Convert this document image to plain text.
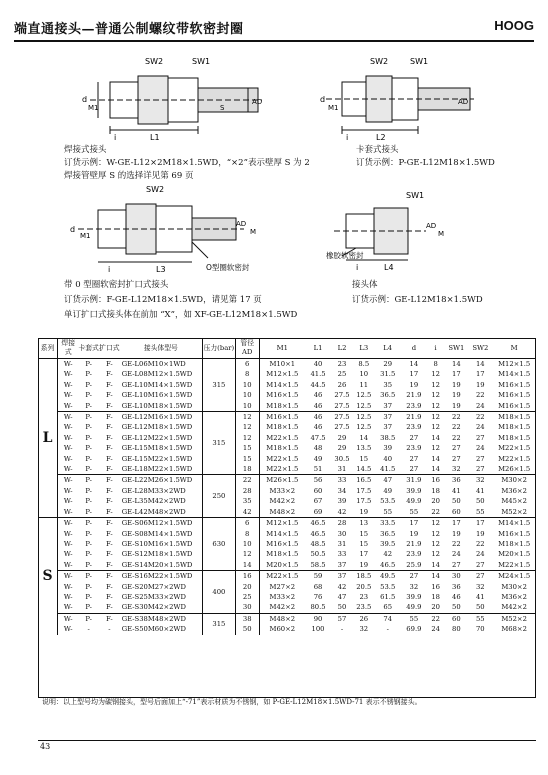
端直通接头—普通公制螺纹带软密封圈	HOOG
SW2	SW1
d
M1	S
AD
L1
i
焊接式接头
订货示例：W-GE-L12×2M18×1.5WD，“×2”表示壁厚 S 为 2
焊接管壁厚 S 的选择详见第 69 页
SW2	SW1
d
M1
AD
L2
i
卡套式接头
订货示例：P-GE-L12M18×1.5WD
SW2
d
M1
AD
M
L3
i	O型圈软密封
带 0 型圈软密封扩口式接头
订货示例：F-GE-L12M18×1.5WD，请见第 17 页
单订扩口式接头体在前加 “X”，如 XF-GE-L12M18×1.5WD
SW1
AD
M
L4
i
橡胶软密封
接头体
订货示例：GE-L12M18×1.5WD
系列	焊接式	卡套式	扩口式	接头体型号	压力(bar)	管径AD	M1	L1	L2	L3	L4	d	i	SW1	SW2	M
L	W-	P-	F-	GE-L06M10×1WD	315	6	M10×1	40	23	8.5	29	14	8	14	14	M12×1.5
	W-	P-	F-	GE-L08M12×1.5WD		8	M12×1.5	41.5	25	10	31.5	17	12	17	17	M14×1.5
	W-	P-	F-	GE-L10M14×1.5WD		10	M14×1.5	44.5	26	11	35	19	12	19	19	M16×1.5
	W-	P-	F-	GE-L10M16×1.5WD		10	M16×1.5	46	27.5	12.5	36.5	21.9	12	19	22	M16×1.5
	W-	P-	F-	GE-L10M18×1.5WD		10	M18×1.5	46	27.5	12.5	37	23.9	12	19	24	M16×1.5
	W-	P-	F-	GE-L12M16×1.5WD	315	12	M16×1.5	46	27.5	12.5	37	21.9	12	22	22	M18×1.5
	W-	P-	F-	GE-L12M18×1.5WD		12	M18×1.5	46	27.5	12.5	37	23.9	12	22	24	M18×1.5
	W-	P-	F-	GE-L12M22×1.5WD		12	M22×1.5	47.5	29	14	38.5	27	14	22	27	M18×1.5
	W-	P-	F-	GE-L15M18×1.5WD		15	M18×1.5	48	29	13.5	39	23.9	12	27	24	M22×1.5
	W-	P-	F-	GE-L15M22×1.5WD		15	M22×1.5	49	30.5	15	40	27	14	27	27	M22×1.5
	W-	P-	F-	GE-L18M22×1.5WD		18	M22×1.5	51	31	14.5	41.5	27	14	32	27	M26×1.5
	W-	P-	F-	GE-L22M26×1.5WD	250	22	M26×1.5	56	33	16.5	47	31.9	16	36	32	M30×2
	W-	P-	F-	GE-L28M33×2WD		28	M33×2	60	34	17.5	49	39.9	18	41	41	M36×2
	W-	P-	F-	GE-L35M42×2WD		35	M42×2	67	39	17.5	53.5	49.9	20	50	50	M45×2
	W-	P-	F-	GE-L42M48×2WD		42	M48×2	69	42	19	55	55	22	60	55	M52×2
S	W-	P-	F-	GE-S06M12×1.5WD	630	6	M12×1.5	46.5	28	13	33.5	17	12	17	17	M14×1.5
	W-	P-	F-	GE-S08M14×1.5WD		8	M14×1.5	46.5	30	15	36.5	19	12	19	19	M16×1.5
	W-	P-	F-	GE-S10M16×1.5WD		10	M16×1.5	48.5	31	15	39.5	21.9	12	22	22	M18×1.5
	W-	P-	F-	GE-S12M18×1.5WD		12	M18×1.5	50.5	33	17	42	23.9	12	24	24	M20×1.5
	W-	P-	F-	GE-S14M20×1.5WD		14	M20×1.5	58.5	37	19	46.5	25.9	14	27	27	M22×1.5
	W-	P-	F-	GE-S16M22×1.5WD	400	16	M22×1.5	59	37	18.5	49.5	27	14	30	27	M24×1.5
	W-	P-	F-	GE-S20M27×2WD		20	M27×2	68	42	20.5	53.5	32	16	36	32	M30×2
	W-	P-	F-	GE-S25M33×2WD		25	M33×2	76	47	23	61.5	39.9	18	46	41	M36×2
	W-	P-	F-	GE-S30M42×2WD		30	M42×2	80.5	50	23.5	65	49.9	20	50	50	M42×2
	W-	P-	F-	GE-S38M48×2WD	315	38	M48×2	90	57	26	74	55	22	60	55	M52×2
	W-	-	-	GE-S50M60×2WD		50	M60×2	100	-	32	-	69.9	24	80	70	M68×2
说明：以上型号均为碳钢接头，型号后面加上“-71”表示材质为不锈钢，如 P-GE-L12M18×1.5WD-71 表示不锈钢接头。
43
